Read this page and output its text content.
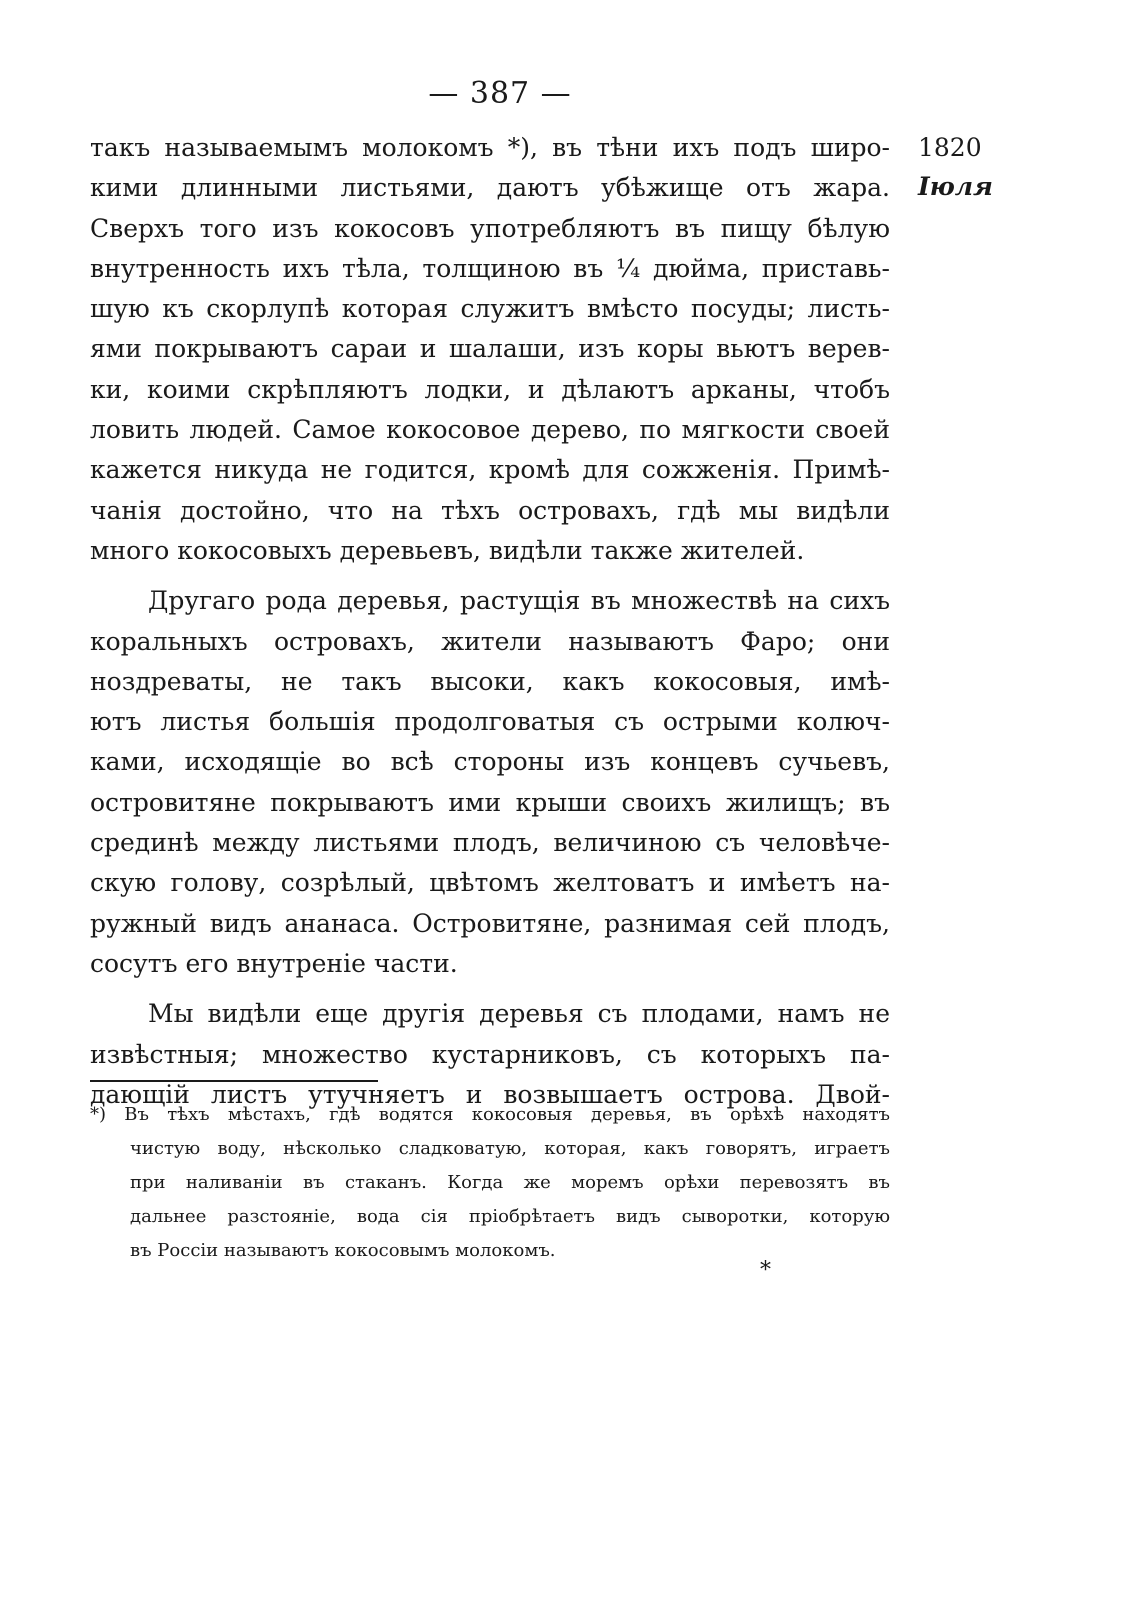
— 387 —
1820
Іюля
такъ называемымъ молокомъ *), въ тѣни ихъ подъ широ-
кими длинными листьями, даютъ убѣжище отъ жара.
Сверхъ того изъ кокосовъ употребляютъ въ пищу бѣлую
внутренность ихъ тѣла, толщиною въ ¼ дюйма, приставь-
шую къ скорлупѣ которая служитъ вмѣсто посуды; листь-
ями покрываютъ сараи и шалаши, изъ коры вьютъ верев-
ки, коими скрѣпляютъ лодки, и дѣлаютъ арканы, чтобъ
ловить людей. Самое кокосовое дерево, по мягкости своей
кажется никуда не годится, кромѣ для сожженія. Примѣ-
чанія достойно, что на тѣхъ островахъ, гдѣ мы видѣли
много кокосовыхъ деревьевъ, видѣли также жителей.
Другаго рода деревья, растущія въ множествѣ на сихъ
коральныхъ островахъ, жители называютъ Фаро; они
ноздреваты, не такъ высоки, какъ кокосовыя, имѣ-
ютъ листья большія продолговатыя съ острыми колюч-
ками, исходящіе во всѣ стороны изъ концевъ сучьевъ,
островитяне покрываютъ ими крыши своихъ жилищъ; въ
срединѣ между листьями плодъ, величиною съ человѣче-
скую голову, созрѣлый, цвѣтомъ желтоватъ и имѣетъ на-
ружный видъ ананаса. Островитяне, разнимая сей плодъ,
сосутъ его внутреніе части.
Мы видѣли еще другія деревья съ плодами, намъ не
извѣстныя; множество кустарниковъ, съ которыхъ па-
дающій листъ утучняетъ и возвышаетъ острова. Двой-
*) Въ тѣхъ мѣстахъ, гдѣ водятся кокосовыя деревья, въ орѣхѣ находятъ
чистую воду, нѣсколько сладковатую, которая, какъ говорятъ, играетъ
при наливаніи въ стаканъ. Когда же моремъ орѣхи перевозятъ въ
дальнее разстояніе, вода сія пріобрѣтаетъ видъ сыворотки, которую
въ Россіи называютъ кокосовымъ молокомъ.
*
